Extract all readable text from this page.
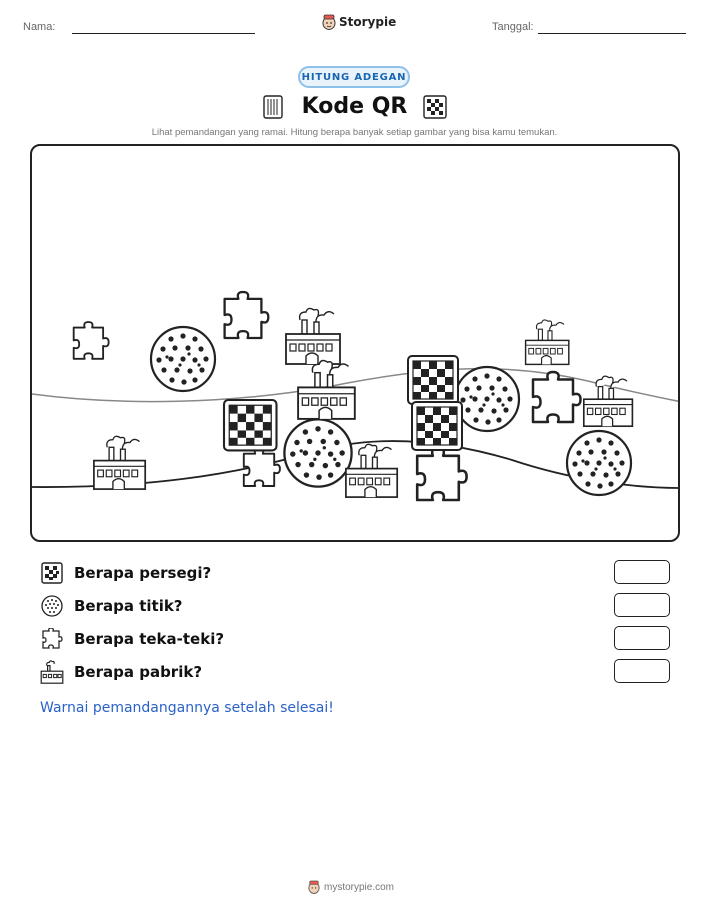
Nama:	Storypie	Tanggal:
HITUNG ADEGAN
Kode QR
Lihat pemandangan yang ramai. Hitung berapa banyak setiap gambar yang bisa kamu temukan.
Berapa persegi?
Berapa titik?
Berapa teka-teki?
Berapa pabrik?
Warnai pemandangannya setelah selesai!
mystorypie.com
